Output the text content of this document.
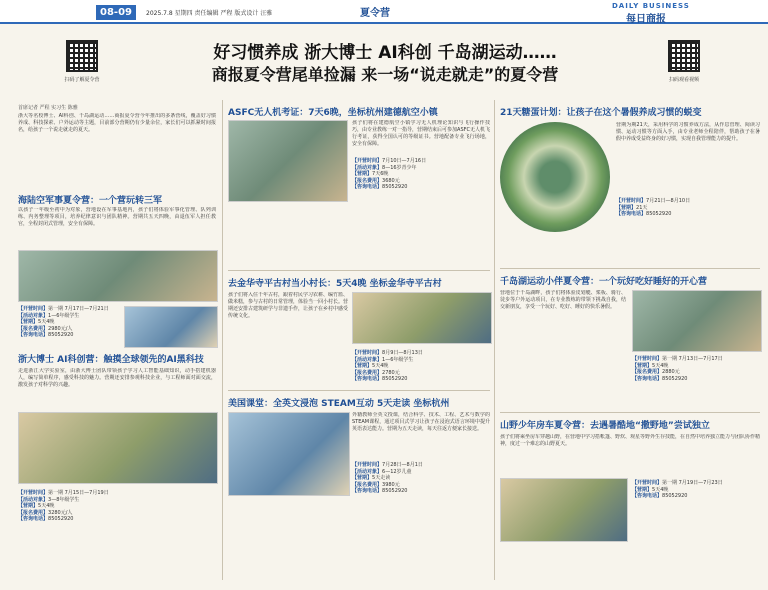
08-09	2025.7.8 星期四 责任编辑 严程 版式设计 汪雅	夏令营
DAILY BUSINESS
每日商报
扫码了解夏令营	扫码观看视频
好习惯养成 浙大博士 AI科创 千岛湖运动……
商报夏令营尾单捡漏 来一场“说走就走”的夏令营
首席记者 严程 实习生 陈雅
浙大等名校博士、AI科创、千岛湖运动……商报夏令营今年推出的多条营线，覆盖好习惯养成、科技探索、户外运动等主题，目前部分营期仍有少量余位，家长们可以抓紧时间报名，给孩子一个说走就走的夏天。
海陆空军事夏令营：一个营玩转三军
以孩子一年级至初中为对象，营地设在军事基地内，孩子们将体验军事化管理、队列训练、内务整理等项目，培养纪律意识与团队精神。营期共五天四晚，由退伍军人担任教官，全程封闭式管理，安全有保障。
【开营时间】第一期 7月17日—7月21日
【活动对象】1—6年级学生
【营期】5天4晚
【报名费用】2980元/人
【咨询电话】85052920
浙大博士 AI科创营：触摸全球领先的AI黑科技
走进浙江大学实验室，由浙大博士团队带领孩子学习人工智能基础知识，动手搭建机器人，编写简单程序，感受科技的魅力。营期还安排参观科技企业，与工程师面对面交流，激发孩子对科学的兴趣。
【开营时间】第一期 7月15日—7月19日
【活动对象】3—8年级学生
【营期】5天4晚
【报名费用】3280元/人
【咨询电话】85052920
ASFC无人机考证：7天6晚，坐标杭州建德航空小镇
孩子们将在建德航空小镇学习无人机理论知识与飞行操作技巧，由专业教练一对一指导，营期结束后可参加ASFC无人机飞行考证，获得全国认可的等级证书。营地配备专业飞行场地，安全有保障。
【开营时间】7月10日—7月16日
【活动对象】8—16岁青少年
【营期】7天6晚
【报名费用】3680元
【咨询电话】85052920
去金华寺平古村当小村长：5天4晚 坐标金华寺平古村
孩子们将入住千年古村，跟着村民学习农耕、编竹篮、做米糕，参与古村的日常管理，体验当一回小村长。营期还安排古建筑研学与非遗手作，让孩子在乡村中感受传统文化。
【开营时间】8月9日—8月13日
【活动对象】1—6年级学生
【营期】5天4晚
【报名费用】2780元
【咨询电话】85052920
美国课堂：全英文浸泡 STEAM互动 5天走读 坐标杭州
外籍教师全英文授课，结合科学、技术、工程、艺术与数学的STEAM课程，通过项目式学习让孩子在浸泡式语言环境中提升英语表达能力。营期为五天走读，每天往返方便家长接送。
【开营时间】7月28日—8月1日
【活动对象】6—12岁儿童
【营期】5天走读
【报名费用】3980元
【咨询电话】85052920
21天糖蛋计划：让孩子在这个暑假养成习惯的蜕变
营期为期21天，采用科学的习惯养成方法，从作息管理、阅读习惯、运动习惯等方面入手，由专业老师全程陪伴，帮助孩子在暑假中养成受益终身的好习惯，实现自我管理能力的提升。
【开营时间】7月21日—8月10日
【营期】21天
【咨询电话】85052920
千岛湖运动小伴夏令营：一个玩好吃好睡好的开心营
营地位于千岛湖畔，孩子们将体验皮划艇、桨板、骑行、徒步等户外运动项目，在专业教练的带领下挑战自我，结交新朋友，享受一个玩好、吃好、睡好的快乐暑假。
【开营时间】第一期 7月13日—7月17日
【营期】5天4晚
【报名费用】2880元
【咨询电话】85052920
山野少年房车夏令营：去遇暑酷地“撒野地”尝试独立
孩子们将乘坐房车穿越山野，在营地中学习搭帐篷、野炊、观星等野外生存技能，在自然中培养独立能力与团队协作精神，度过一个难忘的山野夏天。
【开营时间】第一期 7月19日—7月23日
【营期】5天4晚
【咨询电话】85052920
